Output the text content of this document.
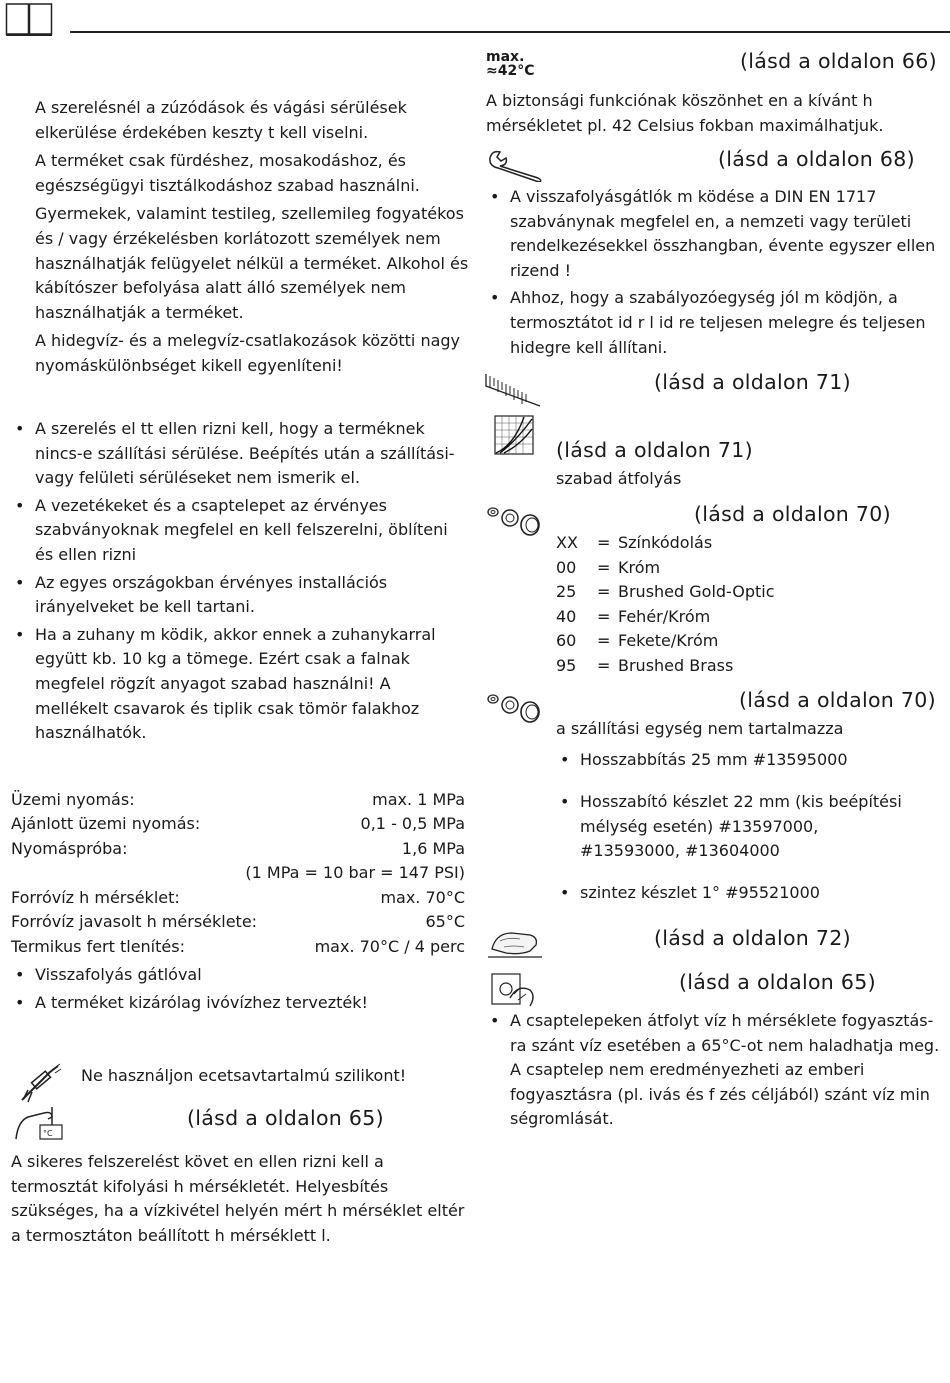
A szerelésnél a zúzódások és vágási sérülések elkerülése érdekében keszty t kell viselni.

A terméket csak fürdéshez, mosakodáshoz, és egészségügyi tisztálkodáshoz szabad használni.

Gyermekek, valamint testileg, szellemileg fogyatékos és / vagy érzékelésben korlátozott személyek nem használhatják felügyelet nélkül a terméket. Alkohol és kábítószer befolyása alatt álló személyek nem használhatják a terméket.

A hidegvíz- és a melegvíz-csatlakozások közötti nagy nyomáskülönbséget kikell egyenlíteni!

• A szerelés el tt ellen rizni kell, hogy a terméknek nincs-e szállítási sérülése. Beépítés után a szállítási- vagy felületi sérüléseket nem ismerik el.
• A vezetékeket és a csaptelepet az érvényes szabványoknak megfelel en kell felszerelni, öblíteni és ellen rizni
• Az egyes országokban érvényes installációs irányelveket be kell tartani.
• Ha a zuhany m ködik, akkor ennek a zuhanykarral együtt kb. 10 kg a tömege. Ezért csak a falnak megfelel rögzít anyagot szabad használni! A mellékelt csavarok és tiplik csak tömör falakhoz használhatók.
Üzemi nyomás:	max. 1 MPa
Ajánlott üzemi nyomás:	0,1 - 0,5 MPa
Nyomáspróba:	1,6 MPa
(1 MPa = 10 bar = 147 PSI)
Forróvíz h mérséklet:	max. 70°C
Forróvíz javasolt h mérséklete:	65°C
Termikus fert tlenítés:	max. 70°C / 4 perc
• Visszafolyás gátlóval
• A terméket kizárólag ivóvízhez tervezték!
Ne használjon ecetsavtartalmú szilikont!
°C
(lásd a oldalon 65)

A sikeres felszerelést követ en ellen rizni kell a termosztát kifolyási h mérsékletét. Helyesbítés szükséges, ha a vízkivétel helyén mért h mérséklet eltér a termosztáton beállított h mérséklett l.

max.
≈42°C	(lásd a oldalon 66)

A biztonsági funkciónak köszönhet en a kívánt h mérsékletet pl. 42 Celsius fokban maximálhatjuk.

(lásd a oldalon 68)
• A visszafolyásgátlók m ködése a DIN EN 1717 szabványnak megfelel en, a nemzeti vagy területi rendelkezésekkel összhangban, évente egyszer ellen rizend !
• Ahhoz, hogy a szabályozóegység jól m ködjön, a termosztátot id r l id re teljesen melegre és teljesen hidegre kell állítani.
(lásd a oldalon 71)
(lásd a oldalon 71)
szabad átfolyás
(lásd a oldalon 70)
XX = Színkódolás
00 = Króm
25 = Brushed Gold-Optic
40 = Fehér/Króm
60 = Fekete/Króm
95 = Brushed Brass
(lásd a oldalon 70)
a szállítási egység nem tartalmazza
• Hosszabbítás 25 mm #13595000
• Hosszabító készlet 22 mm (kis beépítési mélység esetén) #13597000, #13593000, #13604000
• szintez készlet 1° #95521000
(lásd a oldalon 72)
(lásd a oldalon 65)
• A csaptelepeken átfolyt víz h mérséklete fogyasztás- ra szánt víz esetében a 65°C-ot nem haladhatja meg. A csaptelep nem eredményezheti az emberi fogyasztásra (pl. ivás és f zés céljából) szánt víz min ségromlását.
